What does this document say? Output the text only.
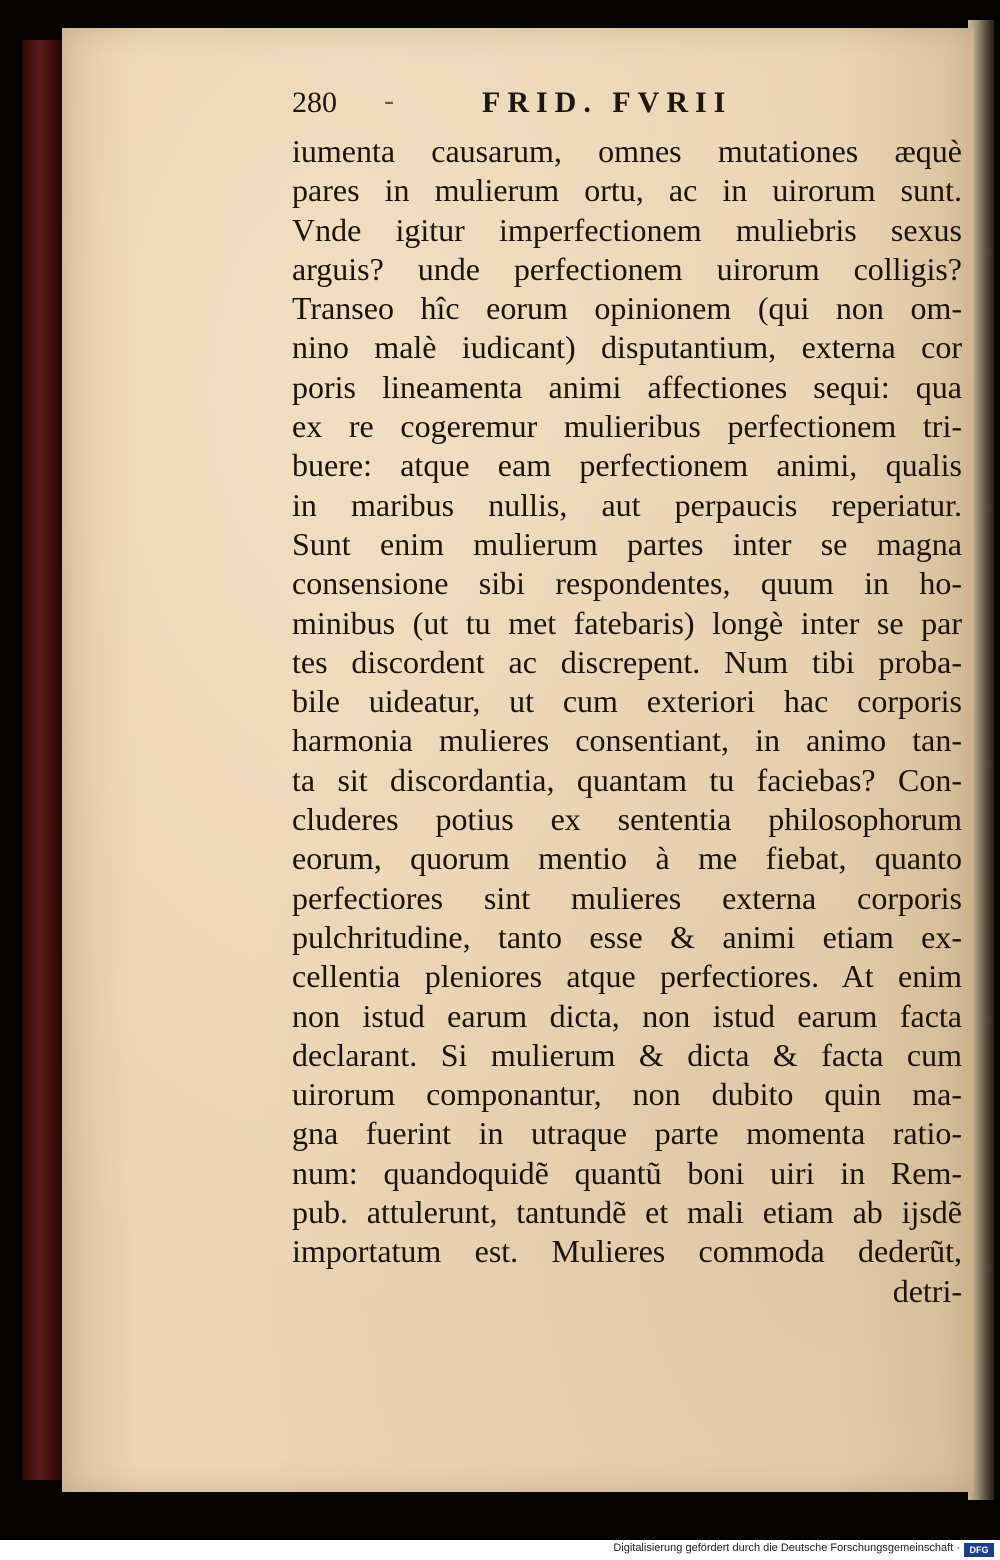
280 -	FRID. FVRII
iumenta causarum, omnes mutationes æquè
pares in mulierum ortu, ac in uirorum sunt.
Vnde igitur imperfectionem muliebris sexus
arguis? unde perfectionem uirorum colligis?
Transeo hîc eorum opinionem (qui non om-
nino malè iudicant) disputantium, externa cor
poris lineamenta animi affectiones sequi: qua
ex re cogeremur mulieribus perfectionem tri-
buere: atque eam perfectionem animi, qualis
in maribus nullis, aut perpaucis reperiatur.
Sunt enim mulierum partes inter se magna
consensione sibi respondentes, quum in ho-
minibus (ut tu met fatebaris) longè inter se par
tes discordent ac discrepent. Num tibi proba-
bile uideatur, ut cum exteriori hac corporis
harmonia mulieres consentiant, in animo tan-
ta sit discordantia, quantam tu faciebas? Con-
cluderes potius ex sententia philosophorum
eorum, quorum mentio à me fiebat, quanto
perfectiores sint mulieres externa corporis
pulchritudine, tanto esse & animi etiam ex-
cellentia pleniores atque perfectiores. At enim
non istud earum dicta, non istud earum facta
declarant. Si mulierum & dicta & facta cum
uirorum componantur, non dubito quin ma-
gna fuerint in utraque parte momenta ratio-
num: quandoquidẽ quantũ boni uiri in Rem-
pub. attulerunt, tantundẽ et mali etiam ab ijsdẽ
importatum est. Mulieres commoda dederũt,
detri-
Digitalisierung gefördert durch die Deutsche Forschungsgemeinschaft ·	DFG
